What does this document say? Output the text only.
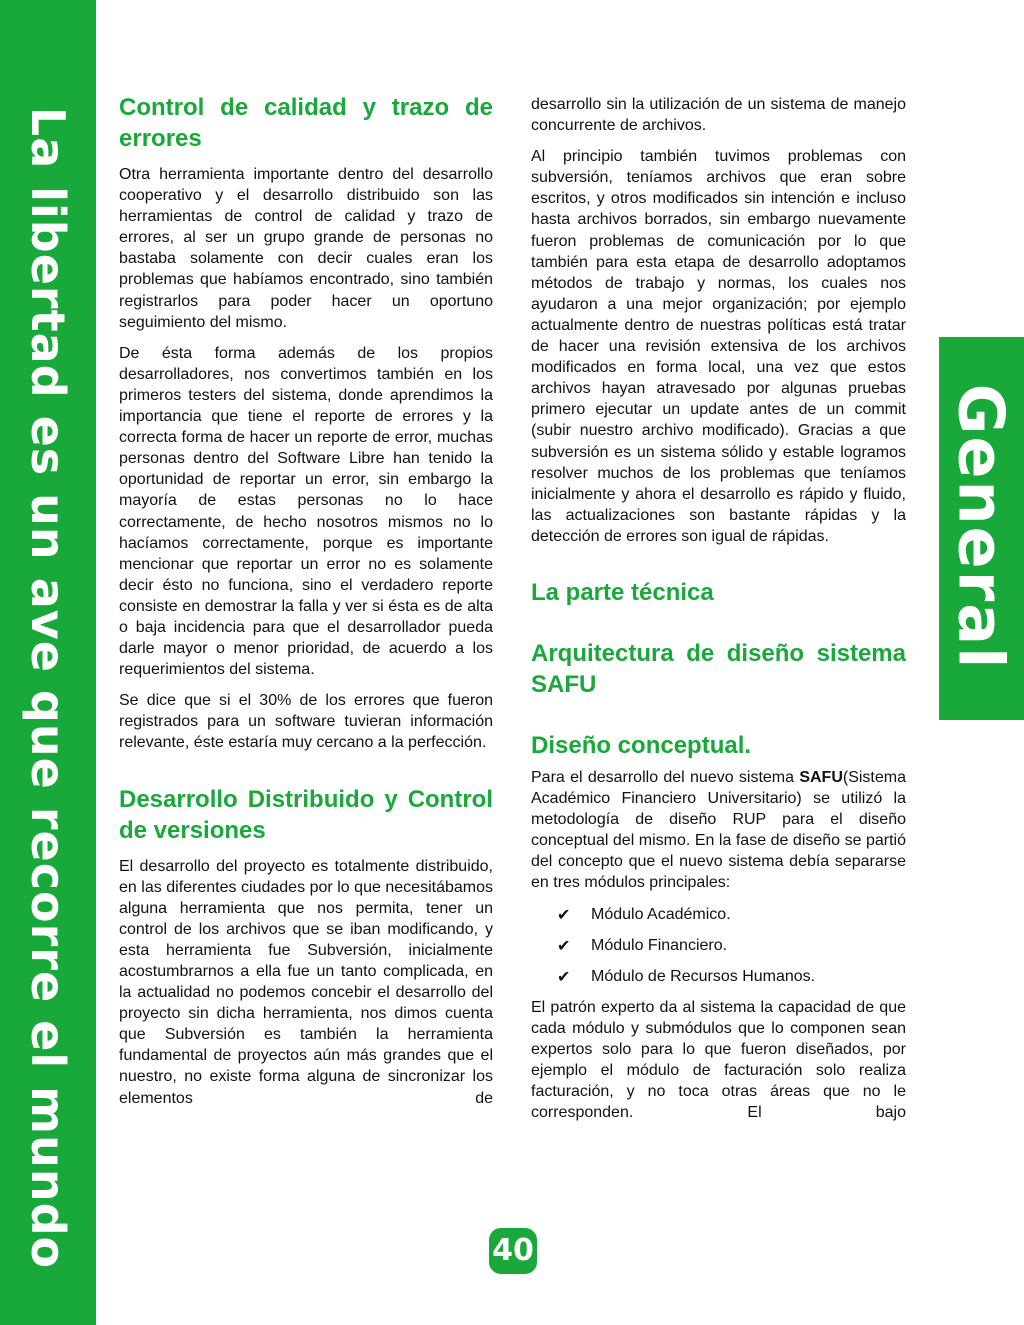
La libertad es un ave que recorre el mundo	General
Control de calidad y trazo de errores

Otra herramienta importante dentro del desarrollo cooperativo y el desarrollo distribuido son las herramientas de control de calidad y trazo de errores, al ser un grupo grande de personas no bastaba solamente con decir cuales eran los problemas que habíamos encontrado, sino también registrarlos para poder hacer un oportuno seguimiento del mismo.

De ésta forma además de los propios desarrolladores, nos convertimos también en los primeros testers del sistema, donde aprendimos la importancia que tiene el reporte de errores y la correcta forma de hacer un reporte de error, muchas personas dentro del Software Libre han tenido la oportunidad de reportar un error, sin embargo la mayoría de estas personas no lo hace correctamente, de hecho nosotros mismos no lo hacíamos correctamente, porque es importante mencionar que reportar un error no es solamente decir ésto no funciona, sino el verdadero reporte consiste en demostrar la falla y ver si ésta es de alta o baja incidencia para que el desarrollador pueda darle mayor o menor prioridad, de acuerdo a los requerimientos del sistema.

Se dice que si el 30% de los errores que fueron registrados para un software tuvieran información relevante, éste estaría muy cercano a la perfección.

Desarrollo Distribuido y Control de versiones

El desarrollo del proyecto es totalmente distribuido, en las diferentes ciudades por lo que necesitábamos alguna herramienta que nos permita, tener un control de los archivos que se iban modificando, y esta herramienta fue Subversión, inicialmente acostumbrarnos a ella fue un tanto complicada, en la actualidad no podemos concebir el desarrollo del proyecto sin dicha herramienta, nos dimos cuenta que Subversión es también la herramienta fundamental de proyectos aún más grandes que el nuestro, no existe forma alguna de sincronizar los elementos de

desarrollo sin la utilización de un sistema de manejo concurrente de archivos.

Al principio también tuvimos problemas con subversión, teníamos archivos que eran sobre escritos, y otros modificados sin intención e incluso hasta archivos borrados, sin embargo nuevamente fueron problemas de comunicación por lo que también para esta etapa de desarrollo adoptamos métodos de trabajo y normas, los cuales nos ayudaron a una mejor organización; por ejemplo actualmente dentro de nuestras políticas está tratar de hacer una revisión extensiva de los archivos modificados en forma local, una vez que estos archivos hayan atravesado por algunas pruebas primero ejecutar un update antes de un commit (subir nuestro archivo modificado). Gracias a que subversión es un sistema sólido y estable logramos resolver muchos de los problemas que teníamos inicialmente y ahora el desarrollo es rápido y fluido, las actualizaciones son bastante rápidas y la detección de errores son igual de rápidas.

La parte técnica
Arquitectura de diseño sistema SAFU
Diseño conceptual.

Para el desarrollo del nuevo sistema SAFU(Sistema Académico Financiero Universitario) se utilizó la metodología de diseño RUP para el diseño conceptual del mismo. En la fase de diseño se partió del concepto que el nuevo sistema debía separarse en tres módulos principales:

✔ Módulo Académico.
✔ Módulo Financiero.
✔ Módulo de Recursos Humanos.

El patrón experto da al sistema la capacidad de que cada módulo y submódulos que lo componen sean expertos solo para lo que fueron diseñados, por ejemplo el módulo de facturación solo realiza facturación, y no toca otras áreas que no le corresponden. El bajo

40
